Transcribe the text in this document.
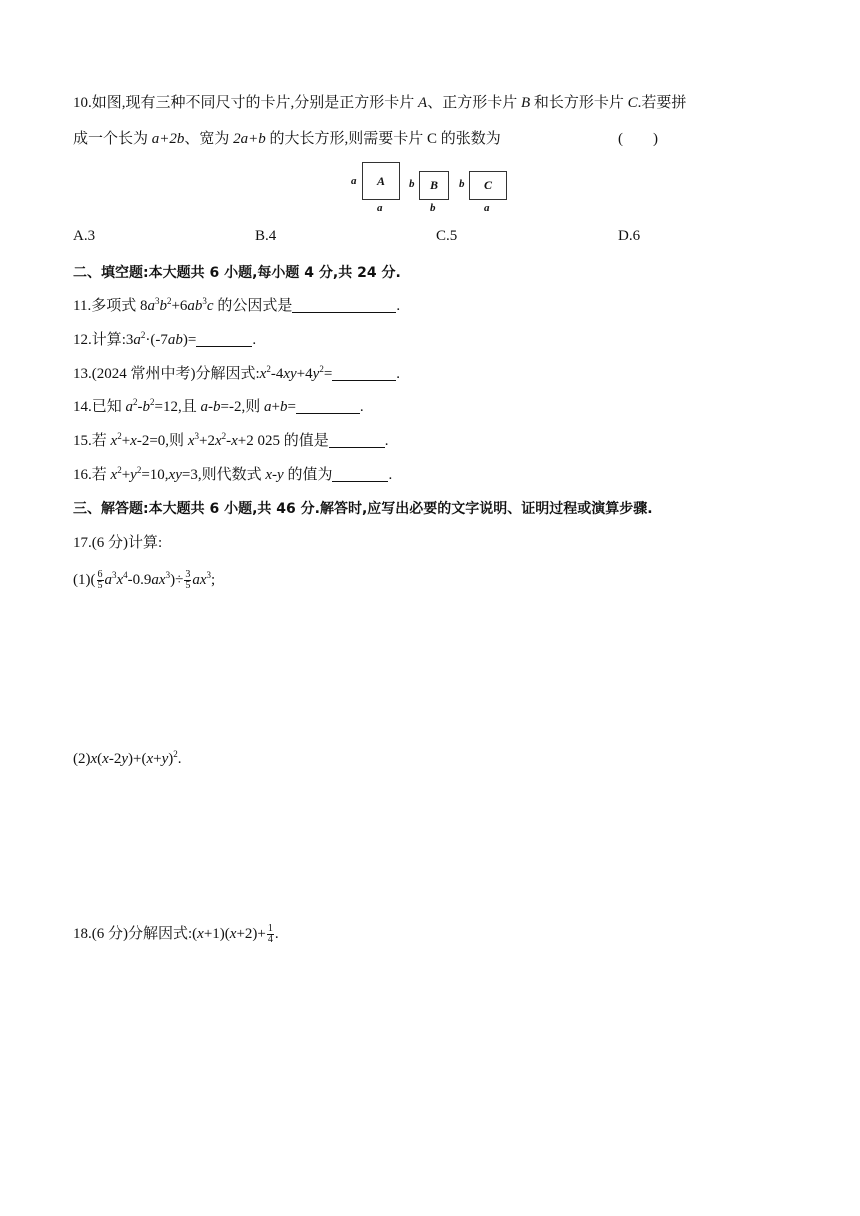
10.如图,现有三种不同尺寸的卡片,分别是正方形卡片 A、正方形卡片 B 和长方形卡片 C.若要拼
成一个长为 a+2b、宽为 2a+b 的大长方形,则需要卡片 C 的张数为	(　　)
a	A
a
b	B
b
b	C
a
A.3	B.4	C.5	D.6
二、填空题:本大题共 6 小题,每小题 4 分,共 24 分.
11.多项式 $8a^3b^2+6ab^3c$ 的公因式是	.
12.计算$:3a^2\cdot(-7ab)=$	.
13.(2024 常州中考)分解因式$:x^2-4xy+4y^2=$	.
14.已知 $a^2-b^2=12$,且 a-b=-2,则 a+b=	.
15.若 $x^2+x-2=0$,则 $x^3+2x^2-x+2$ 025 的值是	.
16.若 $x^2+y^2=10,xy=3$,则代数式 x-y 的值为	.
三、解答题:本大题共 6 小题,共 46 分.解答时,应写出必要的文字说明、证明过程或演算步骤.
17.(6 分)计算:
$(1)( \frac{6}{5} a^3x^4-0.9ax^3)\div \frac{3}{5} ax^3$;
$(2)x(x-2y)+(x+y)^2$.
18.(6 分)分解因式:(x+1)(x+2)+ $\frac{1}{4}$ .
